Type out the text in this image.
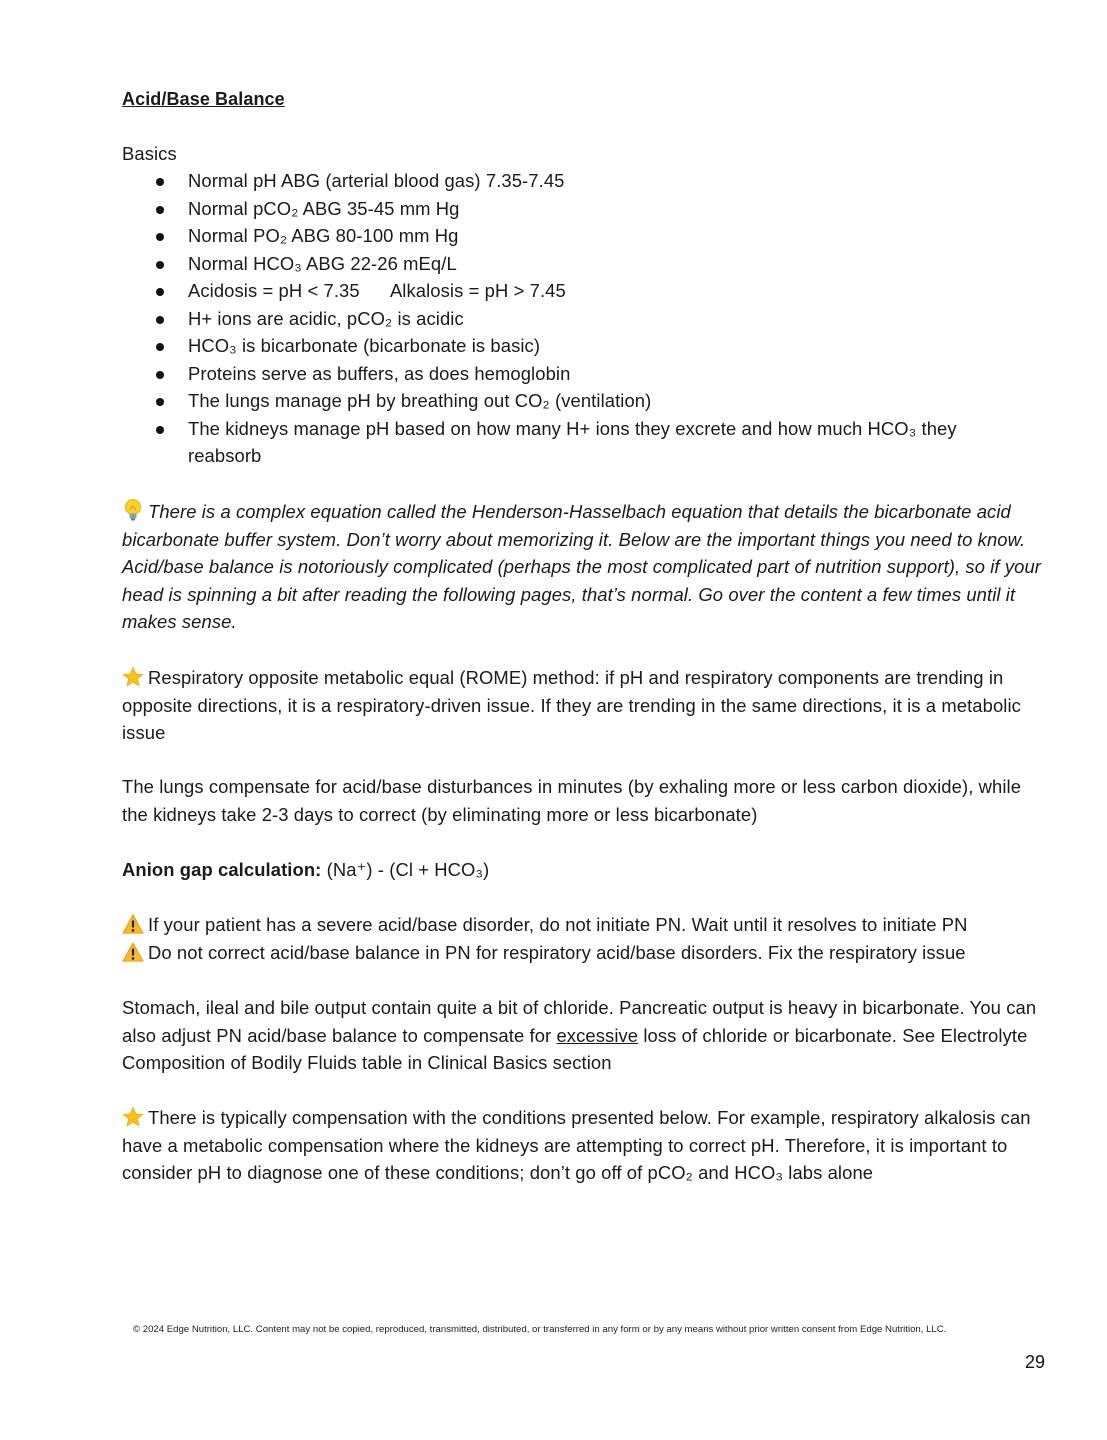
Acid/Base Balance
Basics
Normal pH ABG (arterial blood gas) 7.35-7.45
Normal pCO₂ ABG 35-45 mm Hg
Normal PO₂ ABG 80-100 mm Hg
Normal HCO₃ ABG 22-26 mEq/L
Acidosis = pH < 7.35      Alkalosis = pH > 7.45
H+ ions are acidic, pCO₂ is acidic
HCO₃ is bicarbonate (bicarbonate is basic)
Proteins serve as buffers, as does hemoglobin
The lungs manage pH by breathing out CO₂ (ventilation)
The kidneys manage pH based on how many H+ ions they excrete and how much HCO₃ they reabsorb
There is a complex equation called the Henderson-Hasselbach equation that details the bicarbonate acid bicarbonate buffer system. Don’t worry about memorizing it. Below are the important things you need to know. Acid/base balance is notoriously complicated (perhaps the most complicated part of nutrition support), so if your head is spinning a bit after reading the following pages, that’s normal. Go over the content a few times until it makes sense.
Respiratory opposite metabolic equal (ROME) method: if pH and respiratory components are trending in opposite directions, it is a respiratory-driven issue. If they are trending in the same directions, it is a metabolic issue
The lungs compensate for acid/base disturbances in minutes (by exhaling more or less carbon dioxide), while the kidneys take 2-3 days to correct (by eliminating more or less bicarbonate)
Anion gap calculation: (Na⁺) - (Cl + HCO₃)
If your patient has a severe acid/base disorder, do not initiate PN. Wait until it resolves to initiate PN
Do not correct acid/base balance in PN for respiratory acid/base disorders. Fix the respiratory issue
Stomach, ileal and bile output contain quite a bit of chloride. Pancreatic output is heavy in bicarbonate. You can also adjust PN acid/base balance to compensate for excessive loss of chloride or bicarbonate. See Electrolyte Composition of Bodily Fluids table in Clinical Basics section
There is typically compensation with the conditions presented below. For example, respiratory alkalosis can have a metabolic compensation where the kidneys are attempting to correct pH. Therefore, it is important to consider pH to diagnose one of these conditions; don’t go off of pCO₂ and HCO₃ labs alone
© 2024 Edge Nutrition, LLC. Content may not be copied, reproduced, transmitted, distributed, or transferred in any form or by any means without prior written consent from Edge Nutrition, LLC.
29
